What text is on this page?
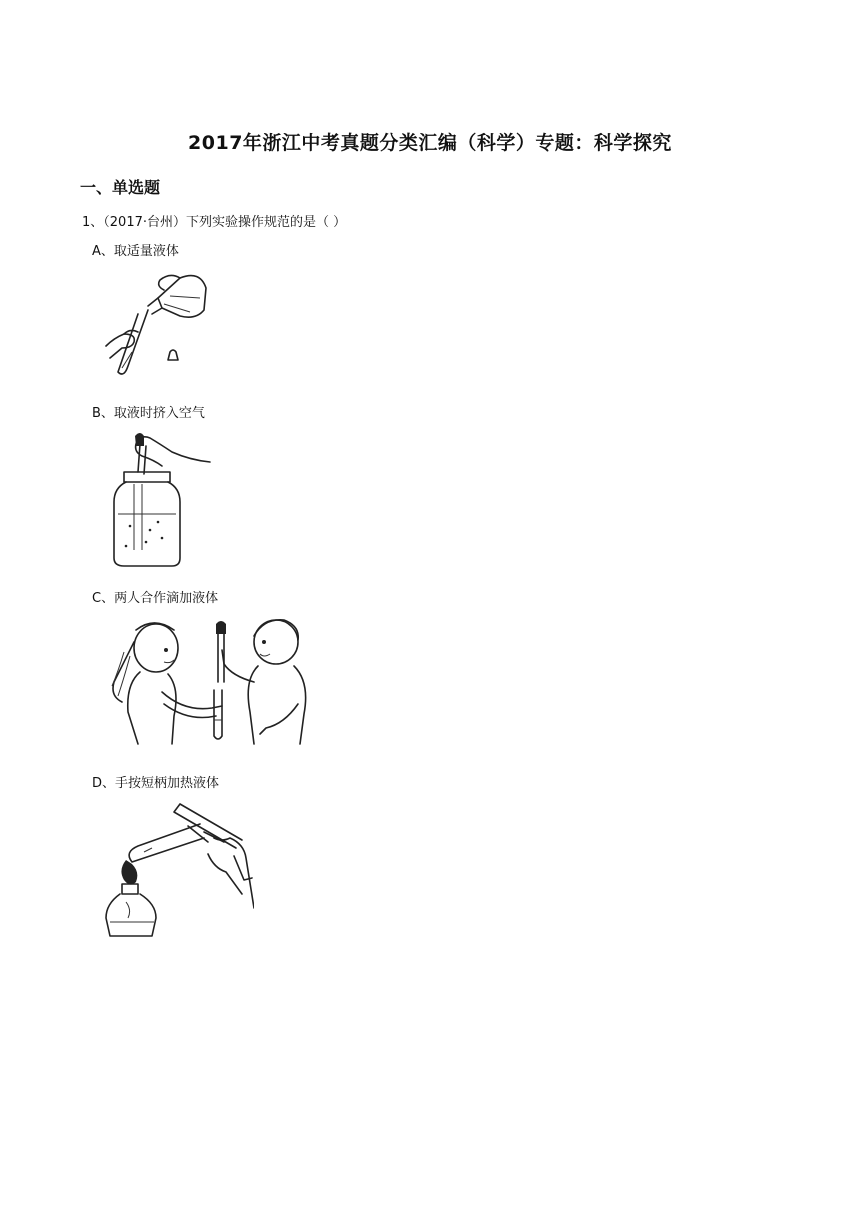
2017年浙江中考真题分类汇编（科学）专题：科学探究
一、单选题
1、（2017·台州）下列实验操作规范的是（ ）
A、取适量液体
B、取液时挤入空气
C、两人合作滴加液体
D、手按短柄加热液体
